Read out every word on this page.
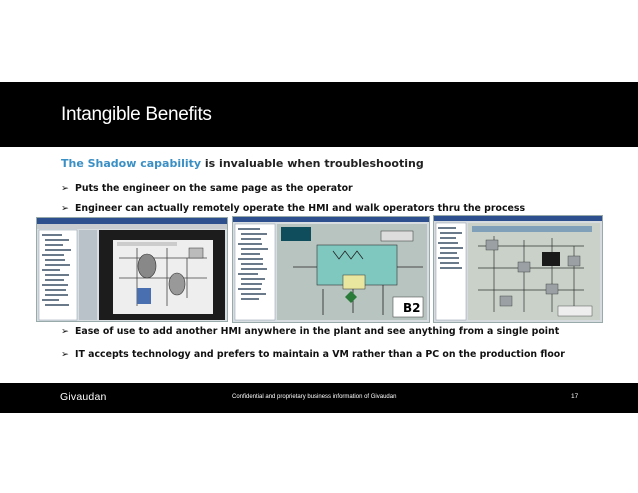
Intangible Benefits
The Shadow capability is invaluable when troubleshooting
➢ Puts the engineer on the same page as the operator
➢ Engineer can actually remotely operate the HMI and walk operators thru the process
B2
➢ Ease of use to add another HMI anywhere in the plant and see anything from a single point
➢ IT accepts technology and prefers to maintain a VM rather than a PC on the production floor
Givaudan	Confidential and proprietary business information of Givaudan	17
